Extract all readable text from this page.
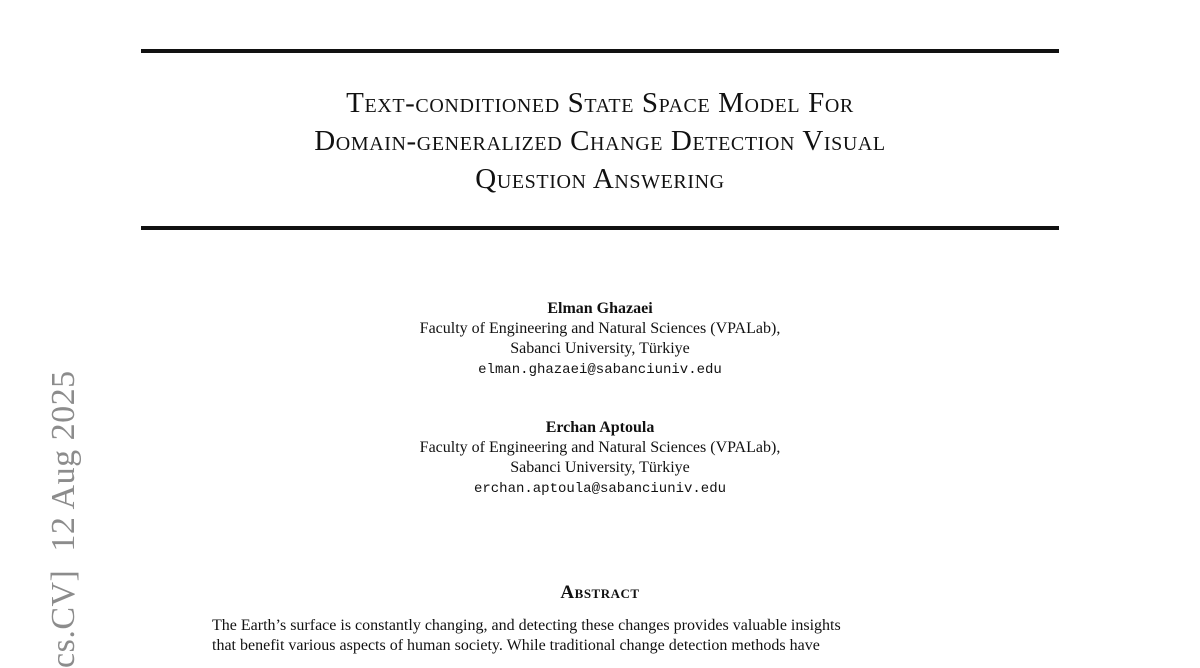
Text-conditioned State Space Model For
Domain-generalized Change Detection Visual
Question Answering
Elman Ghazaei
Faculty of Engineering and Natural Sciences (VPALab),
Sabanci University, Türkiye
elman.ghazaei@sabanciuniv.edu
Erchan Aptoula
Faculty of Engineering and Natural Sciences (VPALab),
Sabanci University, Türkiye
erchan.aptoula@sabanciuniv.edu
Abstract
The Earth’s surface is constantly changing, and detecting these changes provides valuable insights
that benefit various aspects of human society. While traditional change detection methods have
cs.CV]12 Aug 2025
